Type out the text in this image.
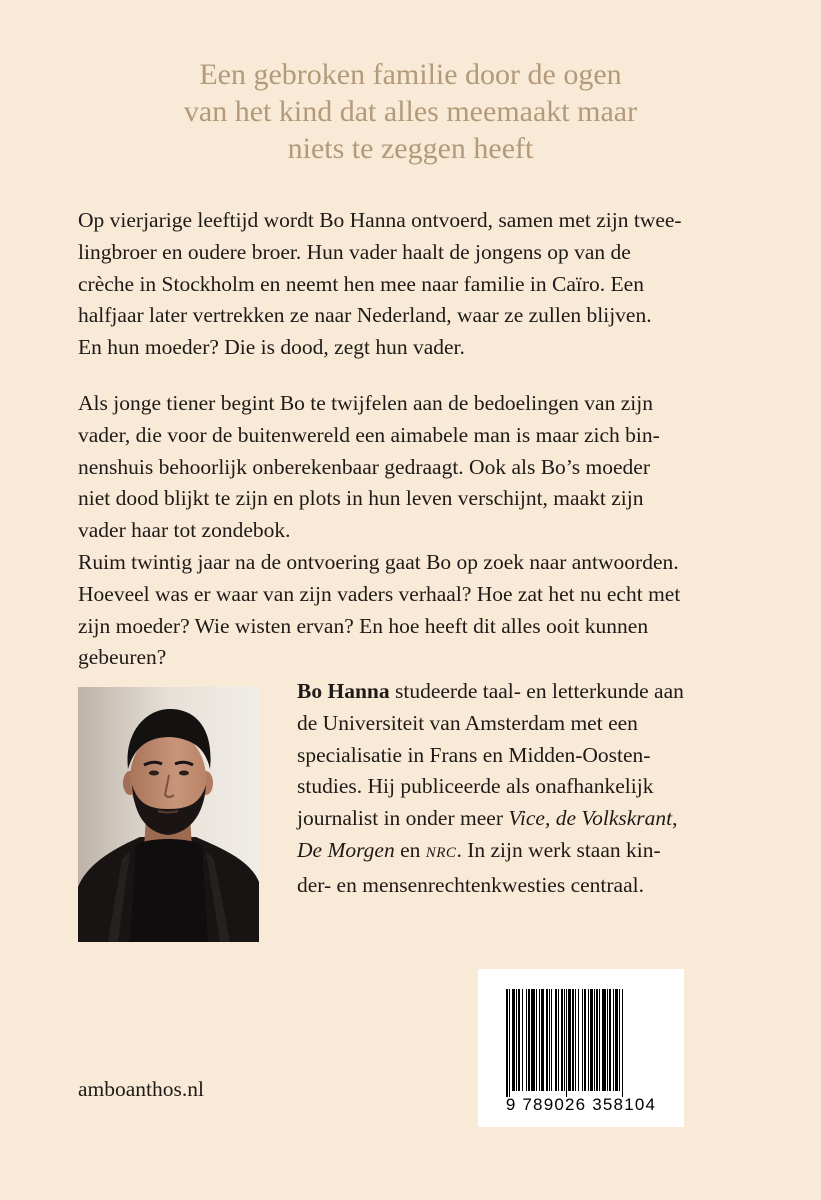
Een gebroken familie door de ogen
van het kind dat alles meemaakt maar
niets te zeggen heeft
Op vierjarige leeftijd wordt Bo Hanna ontvoerd, samen met zijn twee-
lingbroer en oudere broer. Hun vader haalt de jongens op van de
crèche in Stockholm en neemt hen mee naar familie in Caïro. Een
halfjaar later vertrekken ze naar Nederland, waar ze zullen blijven.
En hun moeder? Die is dood, zegt hun vader.
Als jonge tiener begint Bo te twijfelen aan de bedoelingen van zijn
vader, die voor de buitenwereld een aimabele man is maar zich bin-
nenshuis behoorlijk onberekenbaar gedraagt. Ook als Bo’s moeder
niet dood blijkt te zijn en plots in hun leven verschijnt, maakt zijn
vader haar tot zondebok.
Ruim twintig jaar na de ontvoering gaat Bo op zoek naar antwoorden.
Hoeveel was er waar van zijn vaders verhaal? Hoe zat het nu echt met
zijn moeder? Wie wisten ervan? En hoe heeft dit alles ooit kunnen
gebeuren?
Bo Hanna studeerde taal- en letterkunde aan
de Universiteit van Amsterdam met een
specialisatie in Frans en Midden-Oosten-
studies. Hij publiceerde als onafhankelijk
journalist in onder meer Vice, de Volkskrant,
De Morgen en NRC. In zijn werk staan kin-
der- en mensenrechtenkwesties centraal.
9 789026 358104
amboanthos.nl
